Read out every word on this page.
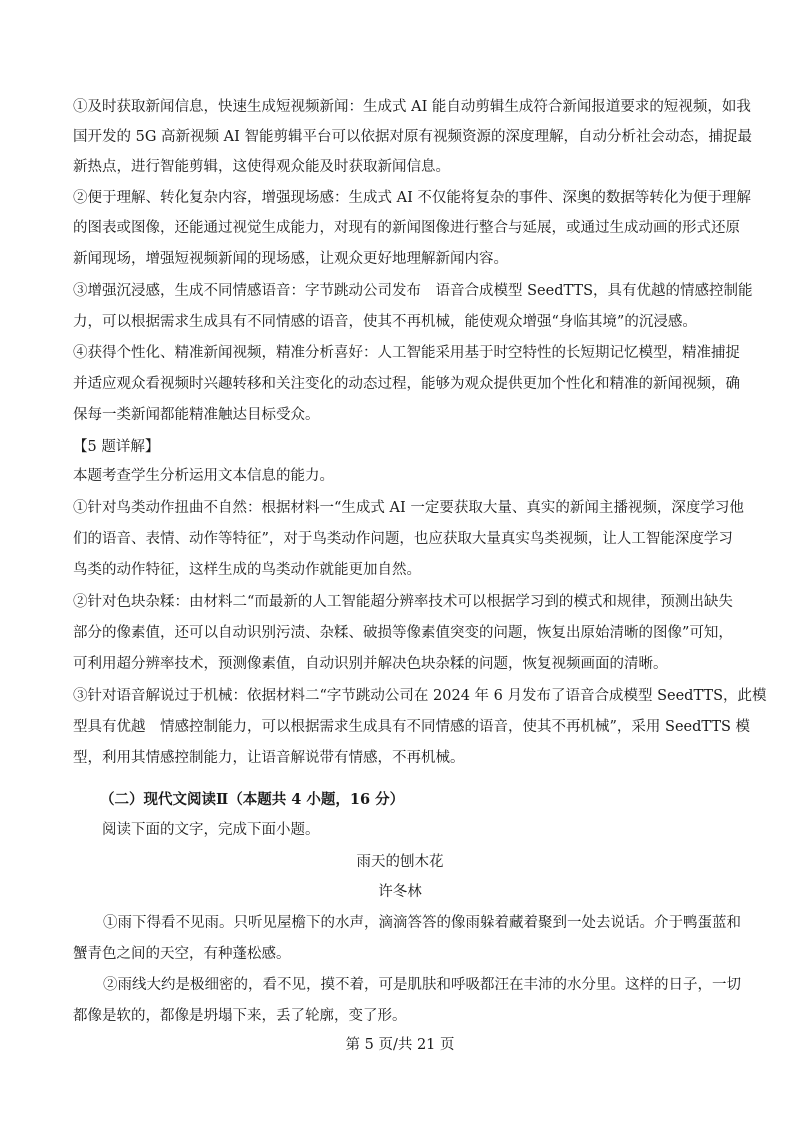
①及时获取新闻信息，快速生成短视频新闻：生成式 AI 能自动剪辑生成符合新闻报道要求的短视频，如我
国开发的 5G 高新视频 AI 智能剪辑平台可以依据对原有视频资源的深度理解，自动分析社会动态，捕捉最
新热点，进行智能剪辑，这使得观众能及时获取新闻信息。
②便于理解、转化复杂内容，增强现场感：生成式 AI 不仅能将复杂的事件、深奥的数据等转化为便于理解
的图表或图像，还能通过视觉生成能力，对现有的新闻图像进行整合与延展，或通过生成动画的形式还原
新闻现场，增强短视频新闻的现场感，让观众更好地理解新闻内容。
③增强沉浸感，生成不同情感语音：字节跳动公司发布　语音合成模型 SeedTTS，具有优越的情感控制能
力，可以根据需求生成具有不同情感的语音，使其不再机械，能使观众增强“身临其境”的沉浸感。
④获得个性化、精准新闻视频，精准分析喜好：人工智能采用基于时空特性的长短期记忆模型，精准捕捉
并适应观众看视频时兴趣转移和关注变化的动态过程，能够为观众提供更加个性化和精准的新闻视频，确
保每一类新闻都能精准触达目标受众。
【5 题详解】
本题考查学生分析运用文本信息的能力。
①针对鸟类动作扭曲不自然：根据材料一“生成式 AI 一定要获取大量、真实的新闻主播视频，深度学习他
们的语音、表情、动作等特征”，对于鸟类动作问题，也应获取大量真实鸟类视频，让人工智能深度学习
鸟类的动作特征，这样生成的鸟类动作就能更加自然。
②针对色块杂糅：由材料二“而最新的人工智能超分辨率技术可以根据学习到的模式和规律，预测出缺失
部分的像素值，还可以自动识别污渍、杂糅、破损等像素值突变的问题，恢复出原始清晰的图像”可知，
可利用超分辨率技术，预测像素值，自动识别并解决色块杂糅的问题，恢复视频画面的清晰。
③针对语音解说过于机械：依据材料二“字节跳动公司在 2024 年 6 月发布了语音合成模型 SeedTTS，此模
型具有优越　情感控制能力，可以根据需求生成具有不同情感的语音，使其不再机械”，采用 SeedTTS 模
型，利用其情感控制能力，让语音解说带有情感，不再机械。
（二）现代文阅读Ⅱ（本题共 4 小题，16 分）
阅读下面的文字，完成下面小题。
雨天的刨木花
许冬林
①雨下得看不见雨。只听见屋檐下的水声，滴滴答答的像雨躲着藏着聚到一处去说话。介于鸭蛋蓝和
蟹青色之间的天空，有种蓬松感。
②雨线大约是极细密的，看不见，摸不着，可是肌肤和呼吸都汪在丰沛的水分里。这样的日子，一切
都像是软的，都像是坍塌下来，丢了轮廓，变了形。
第 5 页/共 21 页
